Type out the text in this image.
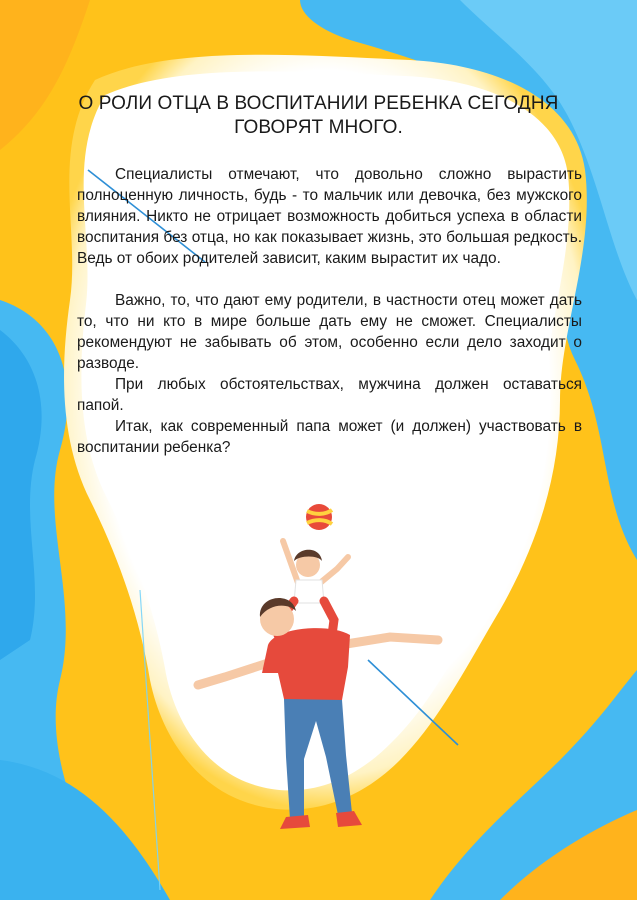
О РОЛИ ОТЦА В ВОСПИТАНИИ РЕБЕНКА СЕГОДНЯ
ГОВОРЯТ МНОГО.

Специалисты отмечают, что довольно сложно вырастить полноценную личность, будь - то мальчик или девочка, без мужского влияния. Никто не отрицает возможность добиться успеха в области воспитания без отца, но как показывает жизнь, это большая редкость. Ведь от обоих родителей зависит, каким вырастит их чадо.

Важно, то, что дают ему родители, в частности отец может дать то, что ни кто в мире больше дать ему не сможет. Специалисты рекомендуют не забывать об этом, особенно если дело заходит о разводе.

При любых обстоятельствах, мужчина должен оставаться папой.

Итак, как современный папа может (и должен) участвовать в воспитании ребенка?
